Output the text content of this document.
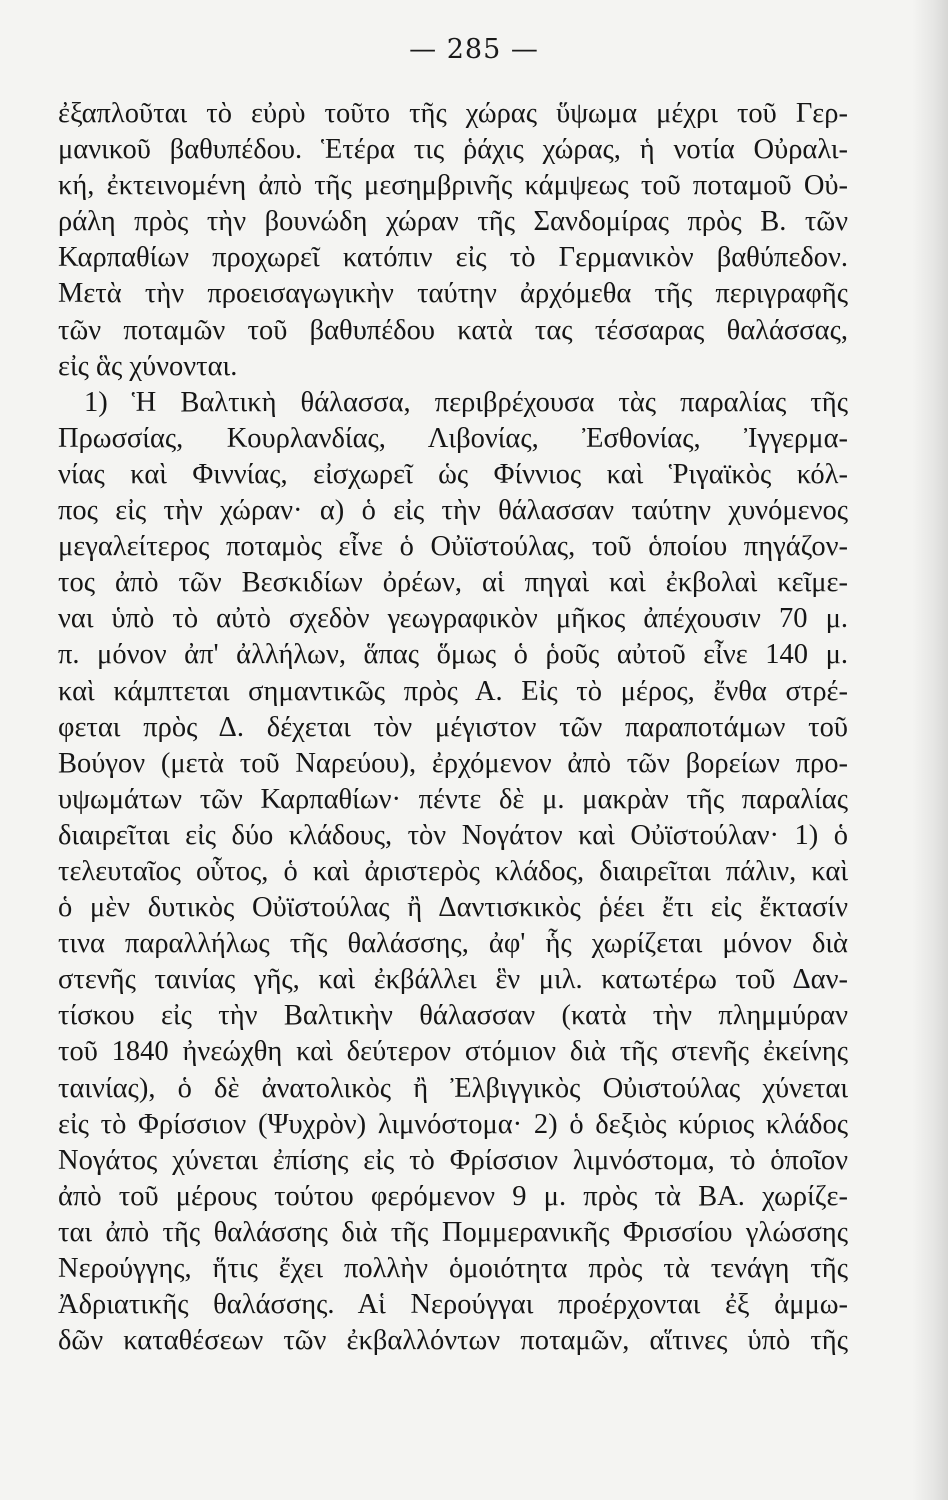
— 285 —
ἐξαπλοῦται τὸ εὐρὺ τοῦτο τῆς χώρας ὕψωμα μέχρι τοῦ Γερ-
μανικοῦ βαθυπέδου. Ἑτέρα τις ῥάχις χώρας, ἡ νοτία Οὐραλι-
κή, ἐκτεινομένη ἀπὸ τῆς μεσημβρινῆς κάμψεως τοῦ ποταμοῦ Οὐ-
ράλη πρὸς τὴν βουνώδη χώραν τῆς Σανδομίρας πρὸς Β. τῶν
Καρπαθίων προχωρεῖ κατόπιν εἰς τὸ Γερμανικὸν βαθύπεδον.
Μετὰ τὴν προεισαγωγικὴν ταύτην ἀρχόμεθα τῆς περιγραφῆς
τῶν ποταμῶν τοῦ βαθυπέδου κατὰ τας τέσσαρας θαλάσσας,
εἰς ἃς χύνονται.
1) Ἡ Βαλτικὴ θάλασσα, περιβρέχουσα τὰς παραλίας τῆς
Πρωσσίας, Κουρλανδίας, Λιβονίας, Ἐσθονίας, Ἰγγερμα-
νίας καὶ Φιννίας, εἰσχωρεῖ ὡς Φίννιος καὶ Ῥιγαϊκὸς κόλ-
πος εἰς τὴν χώραν· α) ὁ εἰς τὴν θάλασσαν ταύτην χυνόμενος
μεγαλείτερος ποταμὸς εἶνε ὁ Οὐϊστούλας, τοῦ ὁποίου πηγάζον-
τος ἀπὸ τῶν Βεσκιδίων ὀρέων, αἱ πηγαὶ καὶ ἐκβολαὶ κεῖμε-
ναι ὑπὸ τὸ αὐτὸ σχεδὸν γεωγραφικὸν μῆκος ἀπέχουσιν 70 μ.
π. μόνον ἀπ' ἀλλήλων, ἅπας ὅμως ὁ ῥοῦς αὐτοῦ εἶνε 140 μ.
καὶ κάμπτεται σημαντικῶς πρὸς Α. Εἰς τὸ μέρος, ἔνθα στρέ-
φεται πρὸς Δ. δέχεται τὸν μέγιστον τῶν παραποτάμων τοῦ
Βούγον (μετὰ τοῦ Ναρεύου), ἐρχόμενον ἀπὸ τῶν βορείων προ-
υψωμάτων τῶν Καρπαθίων· πέντε δὲ μ. μακρὰν τῆς παραλίας
διαιρεῖται εἰς δύο κλάδους, τὸν Νογάτον καὶ Οὐϊστούλαν· 1) ὁ
τελευταῖος οὗτος, ὁ καὶ ἀριστερὸς κλάδος, διαιρεῖται πάλιν, καὶ
ὁ μὲν δυτικὸς Οὐϊστούλας ἢ Δαντισκικὸς ῥέει ἔτι εἰς ἔκτασίν
τινα παραλλήλως τῆς θαλάσσης, ἀφ' ἧς χωρίζεται μόνον διὰ
στενῆς ταινίας γῆς, καὶ ἐκβάλλει ἓν μιλ. κατωτέρω τοῦ Δαν-
τίσκου εἰς τὴν Βαλτικὴν θάλασσαν (κατὰ τὴν πλημμύραν
τοῦ 1840 ἠνεώχθη καὶ δεύτερον στόμιον διὰ τῆς στενῆς ἐκείνης
ταινίας), ὁ δὲ ἀνατολικὸς ἢ Ἐλβιγγικὸς Οὐιστούλας χύνεται
εἰς τὸ Φρίσσιον (Ψυχρὸν) λιμνόστομα· 2) ὁ δεξιὸς κύριος κλάδος
Νογάτος χύνεται ἐπίσης εἰς τὸ Φρίσσιον λιμνόστομα, τὸ ὁποῖον
ἀπὸ τοῦ μέρους τούτου φερόμενον 9 μ. πρὸς τὰ ΒΑ. χωρίζε-
ται ἀπὸ τῆς θαλάσσης διὰ τῆς Πομμερανικῆς Φρισσίου γλώσσης
Νερούγγης, ἥτις ἔχει πολλὴν ὁμοιότητα πρὸς τὰ τενάγη τῆς
Ἀδριατικῆς θαλάσσης. Αἱ Νερούγγαι προέρχονται ἐξ ἀμμω-
δῶν καταθέσεων τῶν ἐκβαλλόντων ποταμῶν, αἵτινες ὑπὸ τῆς
